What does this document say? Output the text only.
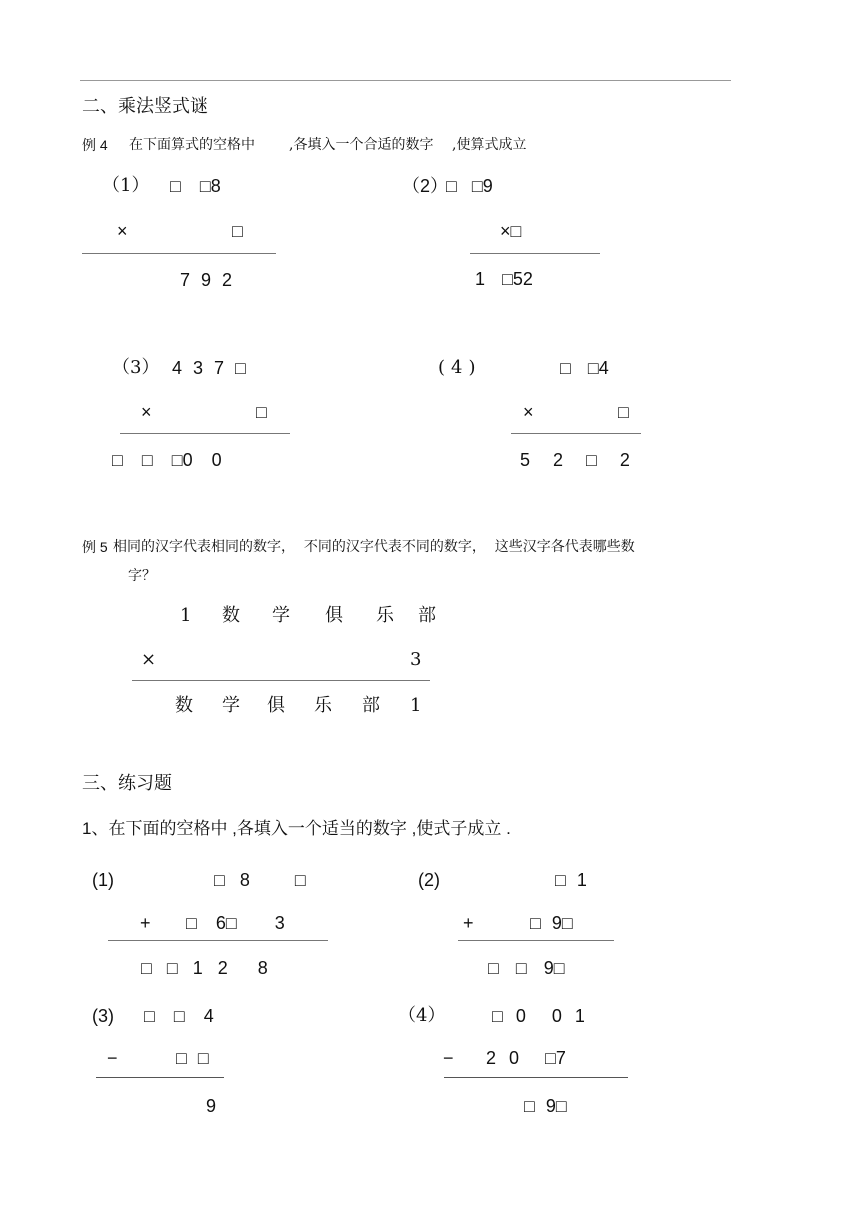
二、乘法竖式谜
例 4 在下面算式的空格中 ,各填入一个合适的数字 ,使算式成立
（1） □ □8
×	□
7 9 2
（2）
□ □9
×□
1 □52
（3） 4 3 7 □
×	□
□ □ □0 0
(4)	□ □4
×	□
5 2 □ 2
例 5 相同的汉字代表相同的数字，  不同的汉字代表不同的数字，  这些汉字各代表哪些数
字？
1 数 学 俱 乐 部
×	3
数 学 俱 乐 部 1
三、练习题
1、在下面的空格中 ,各填入一个适当的数字 ,使式子成立 .
(1)	□ 8   □
+ □ 6□  3
□ □ 1 2  8
(2)	□ 1
+	□ 9□
□ □ 9□
(3) □ □ 4
−	□ □
9
（4）	□ 0  0 1
− 2 0  □7
□ 9□
